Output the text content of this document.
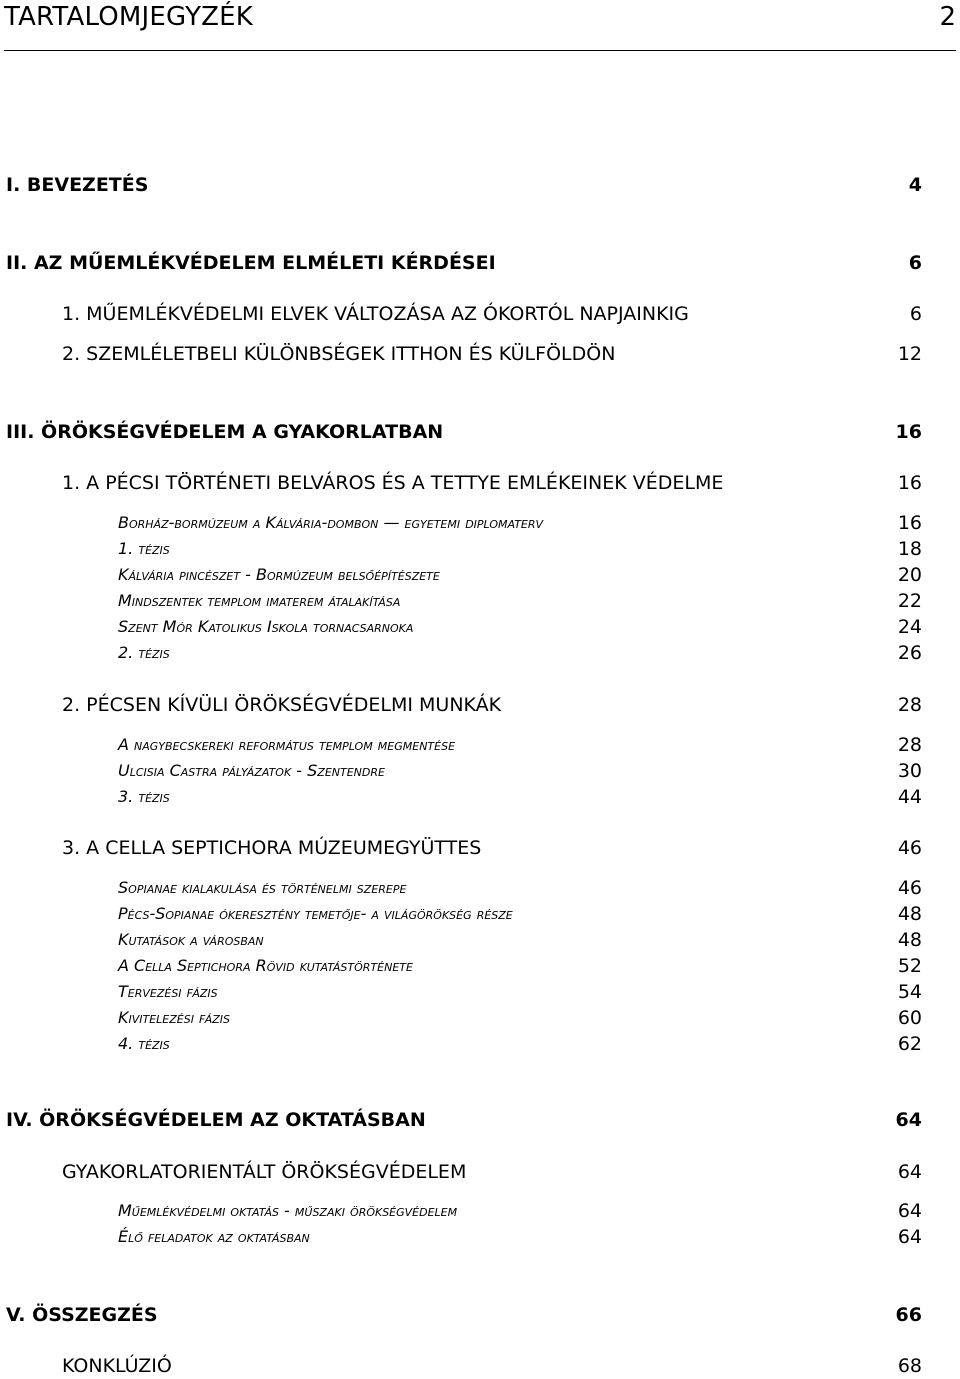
TARTALOMJEGYZÉK	2
I. BEVEZETÉS	4
II. AZ MŰEMLÉKVÉDELEM ELMÉLETI KÉRDÉSEI	6
1. MŰEMLÉKVÉDELMI ELVEK VÁLTOZÁSA AZ ÓKORTÓL NAPJAINKIG	6
2. SZEMLÉLETBELI KÜLÖNBSÉGEK ITTHON ÉS KÜLFÖLDÖN	12
III. ÖRÖKSÉGVÉDELEM A GYAKORLATBAN	16
1. A PÉCSI TÖRTÉNETI BELVÁROS ÉS A TETTYE EMLÉKEINEK VÉDELME	16
Borház-bormúzeum a Kálvária-dombon — egyetemi diplomaterv	16
1. tézis	18
Kálvária pincészet - Bormúzeum belsőépítészete	20
Mindszentek templom imaterem átalakítása	22
Szent Mór Katolikus Iskola tornacsarnoka	24
2. tézis	26
2. PÉCSEN KÍVÜLI ÖRÖKSÉGVÉDELMI MUNKÁK	28
A nagybecskereki református templom megmentése	28
Ulcisia Castra pályázatok - Szentendre	30
3. tézis	44
3. A CELLA SEPTICHORA MÚZEUMEGYÜTTES	46
Sopianae kialakulása és történelmi szerepe	46
Pécs-Sopianae ókeresztény temetője- a világörökség része	48
Kutatások a városban	48
A Cella Septichora Rövid kutatástörténete	52
Tervezési fázis	54
Kivitelezési fázis	60
4. tézis	62
IV. ÖRÖKSÉGVÉDELEM AZ OKTATÁSBAN	64
GYAKORLATORIENTÁLT ÖRÖKSÉGVÉDELEM	64
Műemlékvédelmi oktatás - műszaki örökségvédelem	64
Élő feladatok az oktatásban	64
V. ÖSSZEGZÉS	66
KONKLÚZIÓ	68
